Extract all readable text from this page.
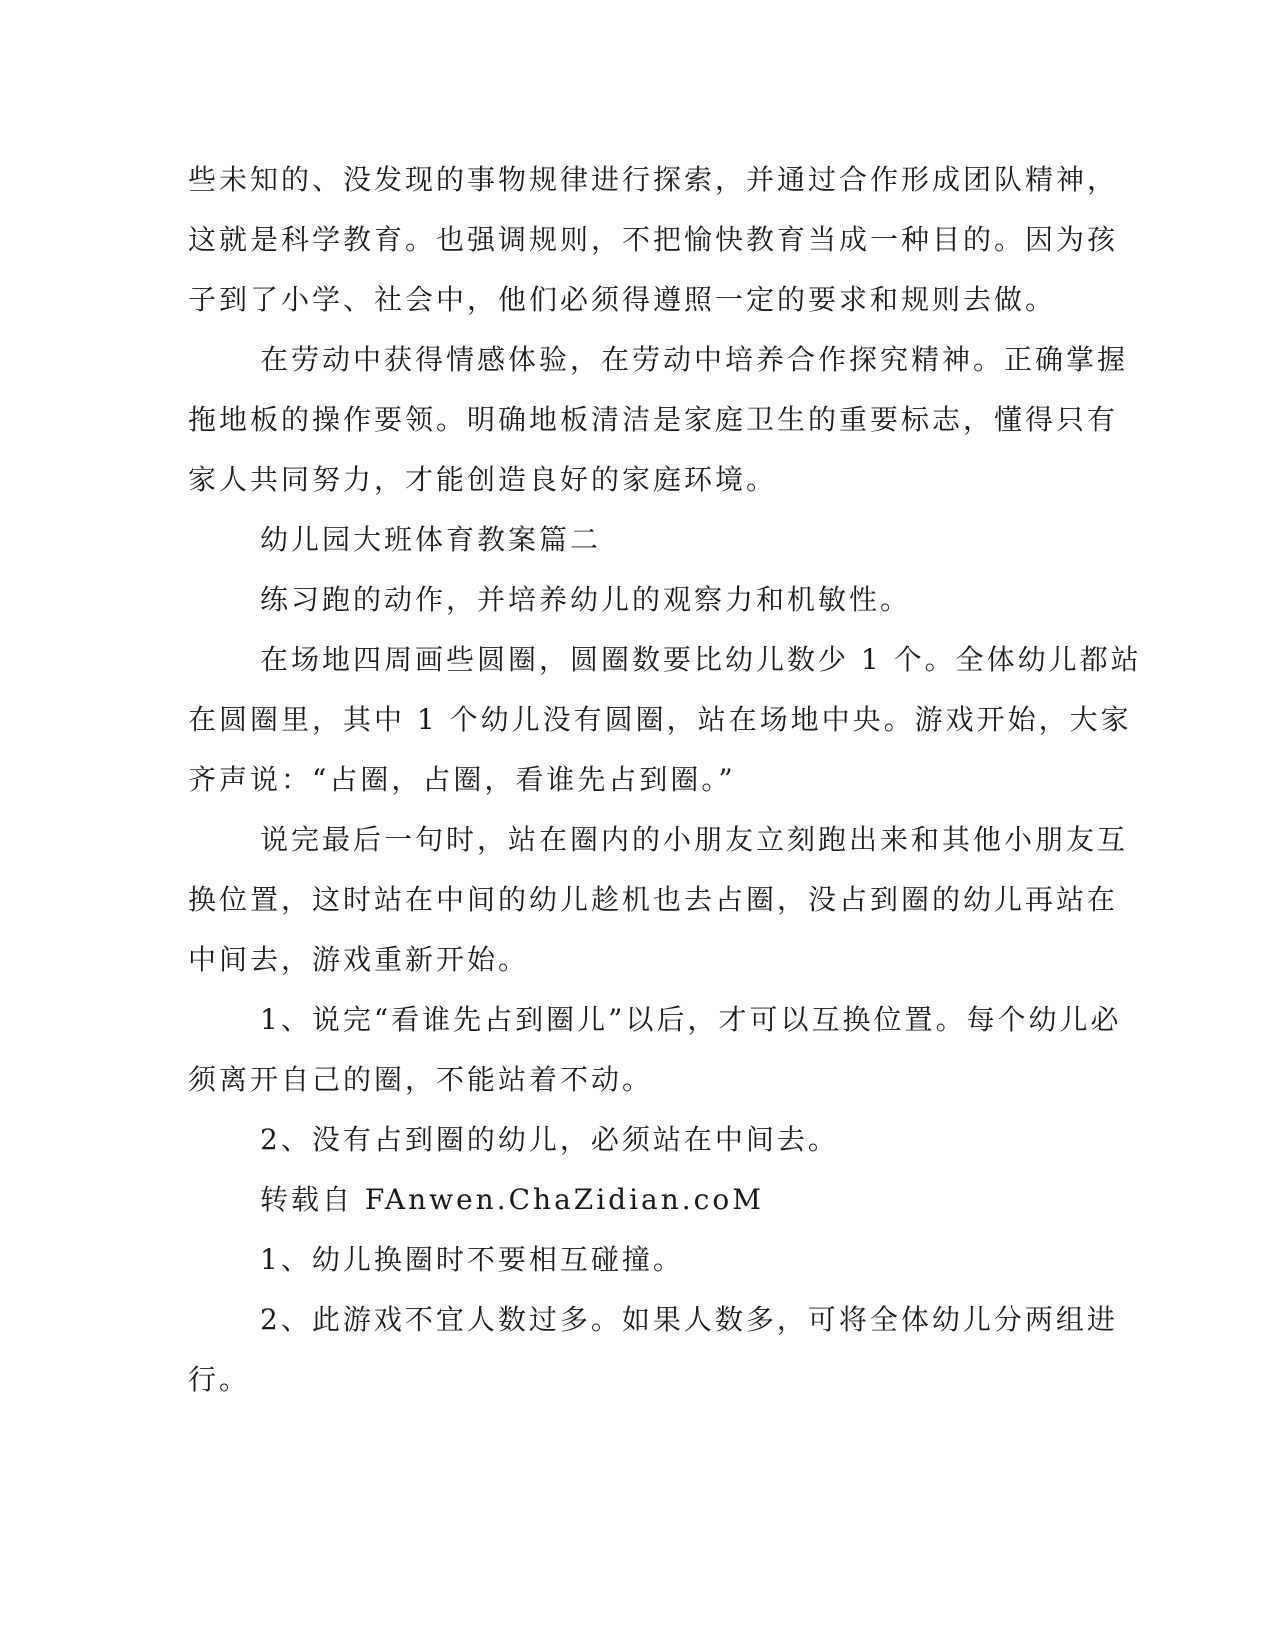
些未知的、没发现的事物规律进行探索，并通过合作形成团队精神，
这就是科学教育。也强调规则，不把愉快教育当成一种目的。因为孩
子到了小学、社会中，他们必须得遵照一定的要求和规则去做。
在劳动中获得情感体验，在劳动中培养合作探究精神。正确掌握
拖地板的操作要领。明确地板清洁是家庭卫生的重要标志，懂得只有
家人共同努力，才能创造良好的家庭环境。
幼儿园大班体育教案篇二
练习跑的动作，并培养幼儿的观察力和机敏性。
在场地四周画些圆圈，圆圈数要比幼儿数少 1 个。全体幼儿都站
在圆圈里，其中 1 个幼儿没有圆圈，站在场地中央。游戏开始，大家
齐声说：“占圈，占圈，看谁先占到圈。”
说完最后一句时，站在圈内的小朋友立刻跑出来和其他小朋友互
换位置，这时站在中间的幼儿趁机也去占圈，没占到圈的幼儿再站在
中间去，游戏重新开始。
1、说完“看谁先占到圈儿”以后，才可以互换位置。每个幼儿必
须离开自己的圈，不能站着不动。
2、没有占到圈的幼儿，必须站在中间去。
转载自 FAnwen.ChaZidian.coM
1、幼儿换圈时不要相互碰撞。
2、此游戏不宜人数过多。如果人数多，可将全体幼儿分两组进
行。
